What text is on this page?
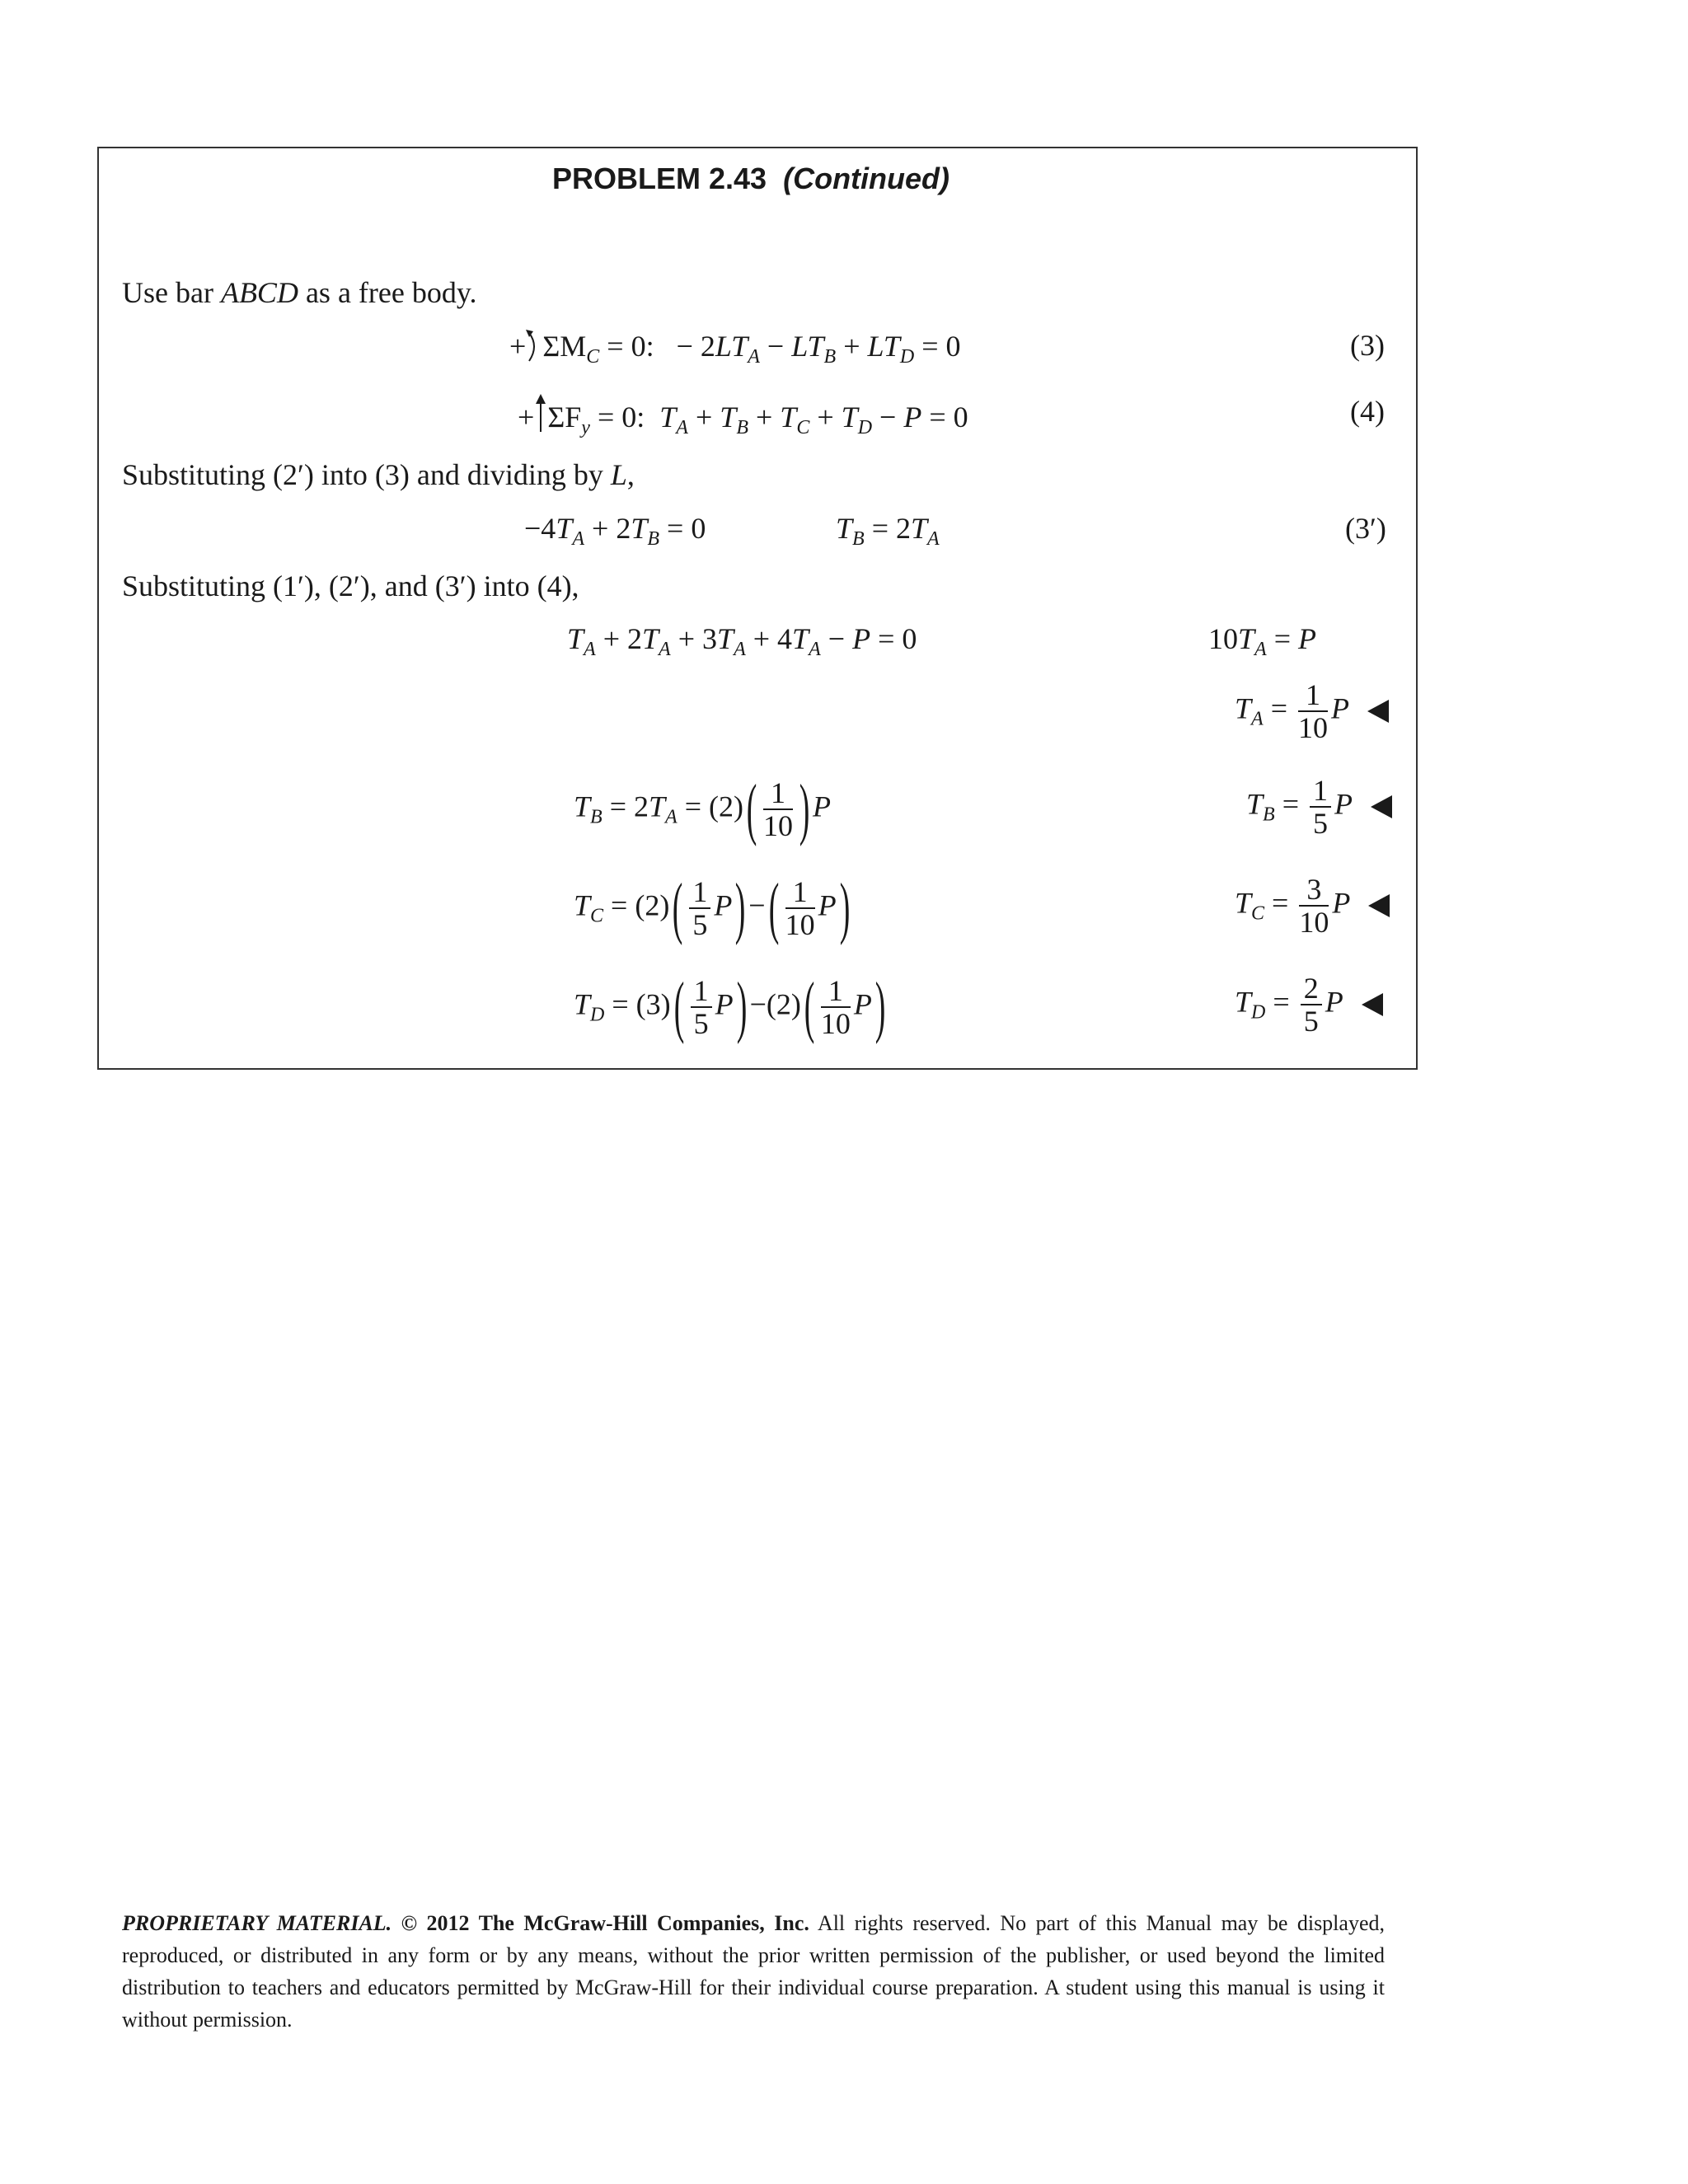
PROBLEM 2.43 (Continued)
Use bar ABCD as a free body.
+ $\Sigma M_C = 0$:   − $2LT_A - LT_B + LT_D = 0$	(3)
+ $\Sigma F_y = 0$:  $T_A + T_B + T_C + T_D - P = 0$	(4)
Substituting (2′) into (3) and dividing by L,
$-4T_A + 2T_B = 0$	$T_B = 2T_A$	(3′)
Substituting (1′), (2′), and (3′) into (4),
$T_A + 2T_A + 3T_A + 4T_A - P = 0$	$10T_A = P$
$T_A = \frac{1}{10}$ P
$T_B = 2T_A = (2)( \frac{1}{10}$ ) P	$T_B = \frac{1}{5}$ P
$T_C = (2)( \frac{1}{5} P)$ −( $\frac{1}{10} P$)	$T_C = \frac{3}{10}$ P
$T_D = (3)( \frac{1}{5} P) -(2)( \frac{1}{10} P)$	$T_D = \frac{2}{5}$ P
PROPRIETARY MATERIAL. © 2012 The McGraw-Hill Companies, Inc. All rights reserved. No part of this Manual may be displayed, reproduced, or distributed in any form or by any means, without the prior written permission of the publisher, or used beyond the limited distribution to teachers and educators permitted by McGraw-Hill for their individual course preparation. A student using this manual is using it without permission.
